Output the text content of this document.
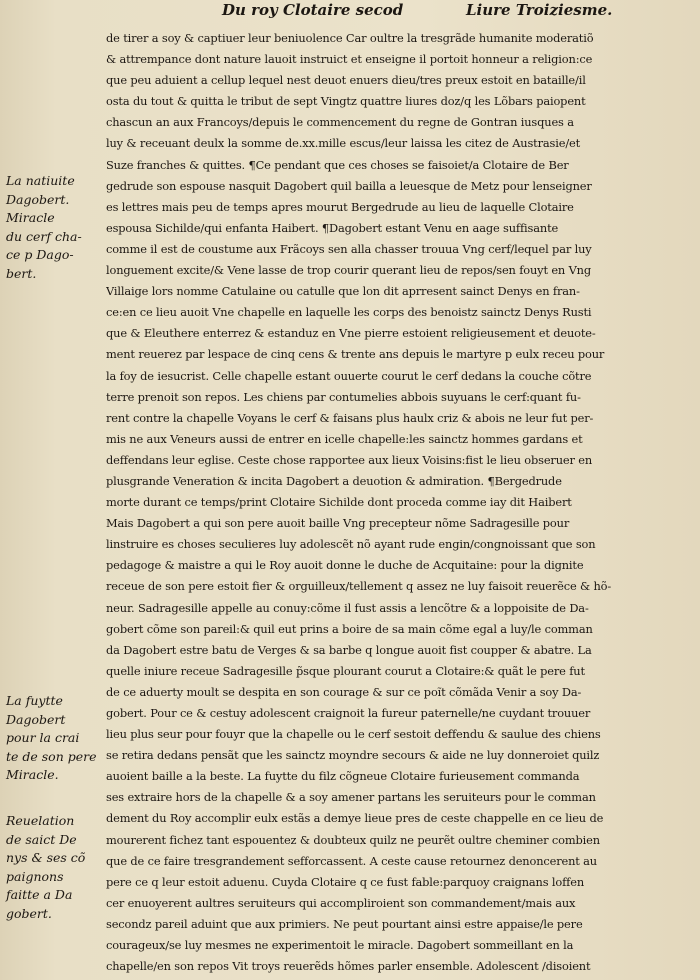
Du roy Clotaire secod	Liure Troiziesme.
La natiuite
Dagobert.
Miracle
du cerf cha-
ce p Dago-
bert.
La fuytte
Dagobert
pour la crai
te de son pere
Miracle.
Reuelation
de saict De
nys & ses cõ
paignons
faitte a Da
gobert.
de tirer a soy & captiuer leur beniuolence Car oultre la tresgrãde humanite moderatiõ
& attrempance dont nature lauoit instruict et enseigne il portoit honneur a religion:ce
que peu aduient a cellup lequel nest deuot enuers dieu/tres preux estoit en bataille/il
osta du tout & quitta le tribut de sept Vingtz quattre liures doz/q les Lõbars paiopent
chascun an aux Francoys/depuis le commencement du regne de Gontran iusques a
luy & receuant deulx la somme de.xx.mille escus/leur laissa les citez de Austrasie/et
Suze franches & quittes. ¶Ce pendant que ces choses se faisoiet/a Clotaire de Ber
gedrude son espouse nasquit Dagobert quil bailla a leuesque de Metz pour lenseigner
es lettres mais peu de temps apres mourut Bergedrude au lieu de laquelle Clotaire
espousa Sichilde/qui enfanta Haibert. ¶Dagobert estant Venu en aage suffisante
comme il est de coustume aux Frãcoys sen alla chasser trouua Vng cerf/lequel par luy
longuement excite/& Vene lasse de trop courir querant lieu de repos/sen fouyt en Vng
Villaige lors nomme Catulaine ou catulle que lon dit aprresent sainct Denys en fran-
ce:en ce lieu auoit Vne chapelle en laquelle les corps des benoistz sainctz Denys Rusti
que & Eleuthere enterrez & estanduz en Vne pierre estoient religieusement et deuote-
ment reuerez par lespace de cinq cens & trente ans depuis le martyre p eulx receu pour
la foy de iesucrist. Celle chapelle estant ouuerte courut le cerf dedans la couche cõtre
terre prenoit son repos. Les chiens par contumelies abbois suyuans le cerf:quant fu-
rent contre la chapelle Voyans le cerf & faisans plus haulx criz & abois ne leur fut per-
mis ne aux Veneurs aussi de entrer en icelle chapelle:les sainctz hommes gardans et
deffendans leur eglise. Ceste chose rapportee aux lieux Voisins:fist le lieu obseruer en
plusgrande Veneration & incita Dagobert a deuotion & admiration. ¶Bergedrude
morte durant ce temps/print Clotaire Sichilde dont proceda comme iay dit Haibert
Mais Dagobert a qui son pere auoit baille Vng precepteur nõme Sadragesille pour
linstruire es choses seculieres luy adolescẽt nõ ayant rude engin/congnoissant que son
pedagoge & maistre a qui le Roy auoit donne le duche de Acquitaine: pour la dignite
receue de son pere estoit fier & orguilleux/tellement q assez ne luy faisoit reuerẽce & hõ-
neur. Sadragesille appelle au conuy:cõme il fust assis a lencõtre & a loppoisite de Da-
gobert cõme son pareil:& quil eut prins a boire de sa main cõme egal a luy/le comman
da Dagobert estre batu de Verges & sa barbe q longue auoit fist coupper & abatre. La
quelle iniure receue Sadragesille p̃sque plourant courut a Clotaire:& quãt le pere fut
de ce aduerty moult se despita en son courage & sur ce poĩt cõmãda Venir a soy Da-
gobert. Pour ce & cestuy adolescent craignoit la fureur paternelle/ne cuydant trouuer
lieu plus seur pour fouyr que la chapelle ou le cerf sestoit deffendu & saulue des chiens
se retira dedans pensãt que les sainctz moyndre secours & aide ne luy donneroiet quilz
auoient baille a la beste. La fuytte du filz cõgneue Clotaire furieusement commanda
ses extraire hors de la chapelle & a soy amener partans les seruiteurs pour le comman
dement du Roy accomplir eulx estãs a demye lieue pres de ceste chappelle en ce lieu de
mourerent fichez tant espouentez & doubteux quilz ne peurẽt oultre cheminer combien
que de ce faire tresgrandement sefforcassent. A ceste cause retournez denoncerent au
pere ce q leur estoit aduenu. Cuyda Clotaire q ce fust fable:parquoy craignans loffen
cer enuoyerent aultres seruiteurs qui accompliroient son commandement/mais aux
secondz pareil aduint que aux primiers. Ne peut pourtant ainsi estre appaise/le pere
courageux/se luy mesmes ne experimentoit le miracle. Dagobert sommeillant en la
chapelle/en son repos Vit troys reuerẽds hõmes parler ensemble. Adolescent /disoient
